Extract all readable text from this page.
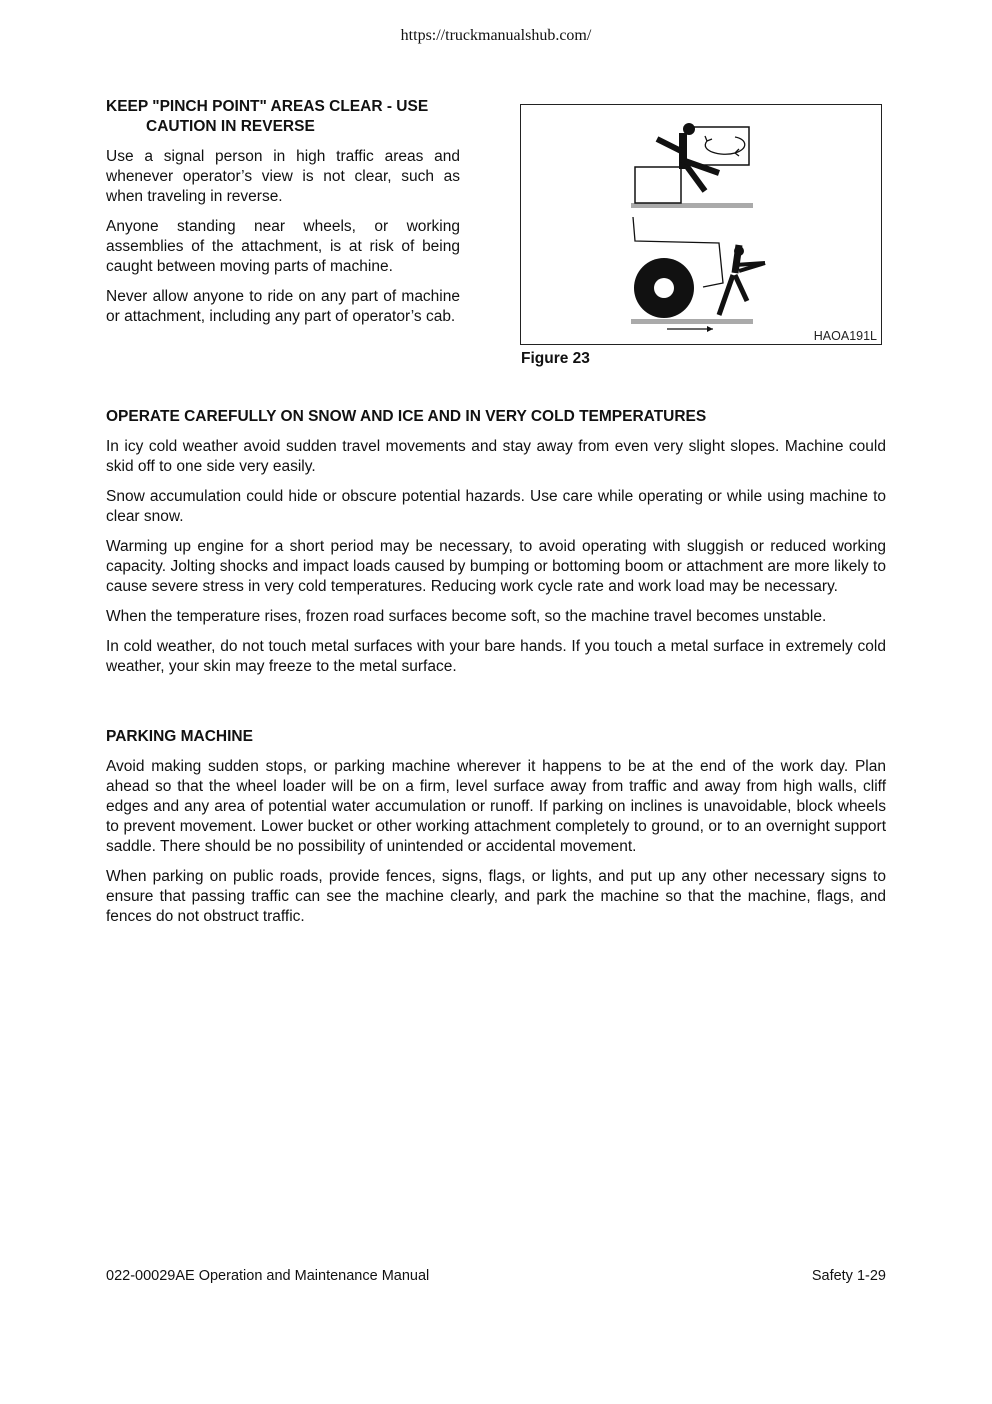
https://truckmanualshub.com/
KEEP "PINCH POINT" AREAS CLEAR - USE
CAUTION IN REVERSE

Use a signal person in high traffic areas and whenever operator’s view is not clear, such as when traveling in reverse.

Anyone standing near wheels, or working assemblies of the attachment, is at risk of being caught between moving parts of machine.

Never allow anyone to ride on any part of machine or attachment, including any part of operator’s cab.

HAOA191L
Figure 23
OPERATE CAREFULLY ON SNOW AND ICE AND IN VERY COLD TEMPERATURES

In icy cold weather avoid sudden travel movements and stay away from even very slight slopes. Machine could skid off to one side very easily.

Snow accumulation could hide or obscure potential hazards. Use care while operating or while using machine to clear snow.

Warming up engine for a short period may be necessary, to avoid operating with sluggish or reduced working capacity. Jolting shocks and impact loads caused by bumping or bottoming boom or attachment are more likely to cause severe stress in very cold temperatures. Reducing work cycle rate and work load may be necessary.

When the temperature rises, frozen road surfaces become soft, so the machine travel becomes unstable.

In cold weather, do not touch metal surfaces with your bare hands. If you touch a metal surface in extremely cold weather, your skin may freeze to the metal surface.

PARKING MACHINE

Avoid making sudden stops, or parking machine wherever it happens to be at the end of the work day. Plan ahead so that the wheel loader will be on a firm, level surface away from traffic and away from high walls, cliff edges and any area of potential water accumulation or runoff. If parking on inclines is unavoidable, block wheels to prevent movement. Lower bucket or other working attachment completely to ground, or to an overnight support saddle. There should be no possibility of unintended or accidental movement.

When parking on public roads, provide fences, signs, flags, or lights, and put up any other necessary signs to ensure that passing traffic can see the machine clearly, and park the machine so that the machine, flags, and fences do not obstruct traffic.

022-00029AE Operation and Maintenance Manual	Safety 1-29
